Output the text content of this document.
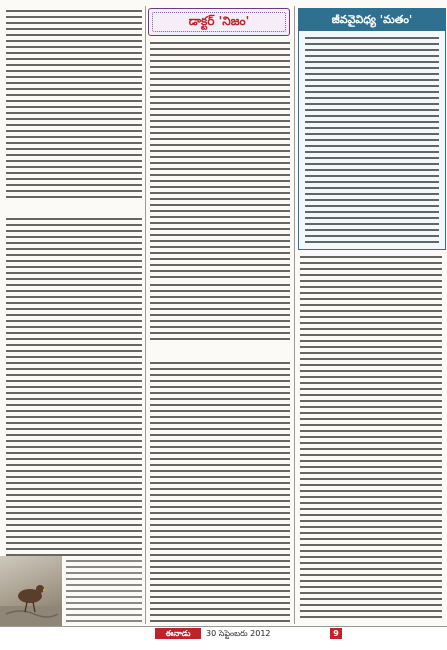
డాక్టర్ 'నిజం'	జీవవైవిధ్య 'మతం'
ఈనాడు ఆదివారం
30 సెప్టెంబరు 2012	9
